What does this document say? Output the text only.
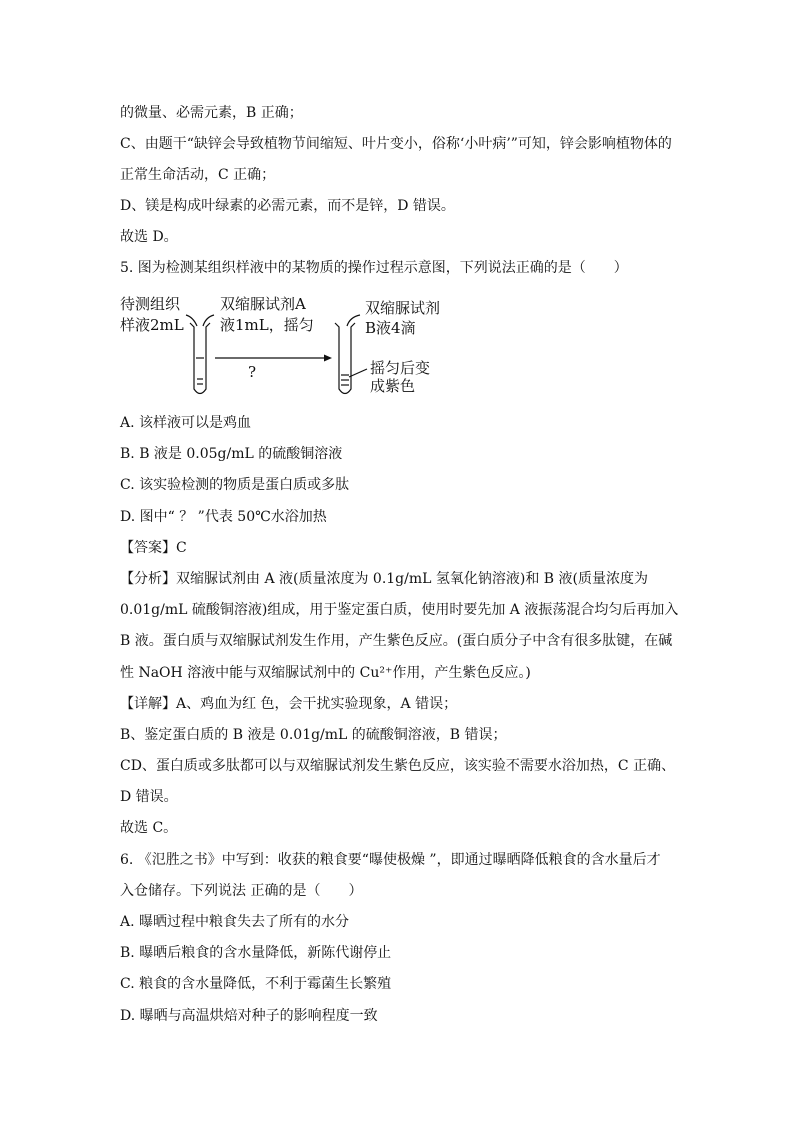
的微量、必需元素，B 正确；
C、由题干“缺锌会导致植物节间缩短、叶片变小，俗称‘小叶病’”可知，锌会影响植物体的
正常生命活动，C 正确；
D、镁是构成叶绿素的必需元素，而不是锌，D 错误。
故选 D。
5. 图为检测某组织样液中的某物质的操作过程示意图，下列说法正确的是（　　）
待测组织
样液2mL
双缩脲试剂A
液1mL，摇匀
双缩脲试剂
B液4滴
摇匀后变
成紫色
?
A. 该样液可以是鸡血
B. B 液是 0.05g/mL 的硫酸铜溶液
C. 该实验检测的物质是蛋白质或多肽
D. 图中“ ？ ”代表 50℃水浴加热
【答案】C
【分析】双缩脲试剂由 A 液(质量浓度为 0.1g/mL 氢氧化钠溶液)和 B 液(质量浓度为
0.01g/mL 硫酸铜溶液)组成，用于鉴定蛋白质，使用时要先加 A 液振荡混合均匀后再加入
B 液。蛋白质与双缩脲试剂发生作用，产生紫色反应。(蛋白质分子中含有很多肽键，在碱
性 NaOH 溶液中能与双缩脲试剂中的 Cu²⁺作用，产生紫色反应。)
【详解】A、鸡血为红 色，会干扰实验现象，A 错误；
B、鉴定蛋白质的 B 液是 0.01g/mL 的硫酸铜溶液，B 错误；
CD、蛋白质或多肽都可以与双缩脲试剂发生紫色反应，该实验不需要水浴加热，C 正确、
D 错误。
故选 C。
6. 《氾胜之书》中写到：收获的粮食要“曝使极燥 ”，即通过曝晒降低粮食的含水量后才
入仓储存。下列说法 正确的是（　　）
A. 曝晒过程中粮食失去了所有的水分
B. 曝晒后粮食的含水量降低，新陈代谢停止
C. 粮食的含水量降低，不利于霉菌生长繁殖
D. 曝晒与高温烘焙对种子的影响程度一致
